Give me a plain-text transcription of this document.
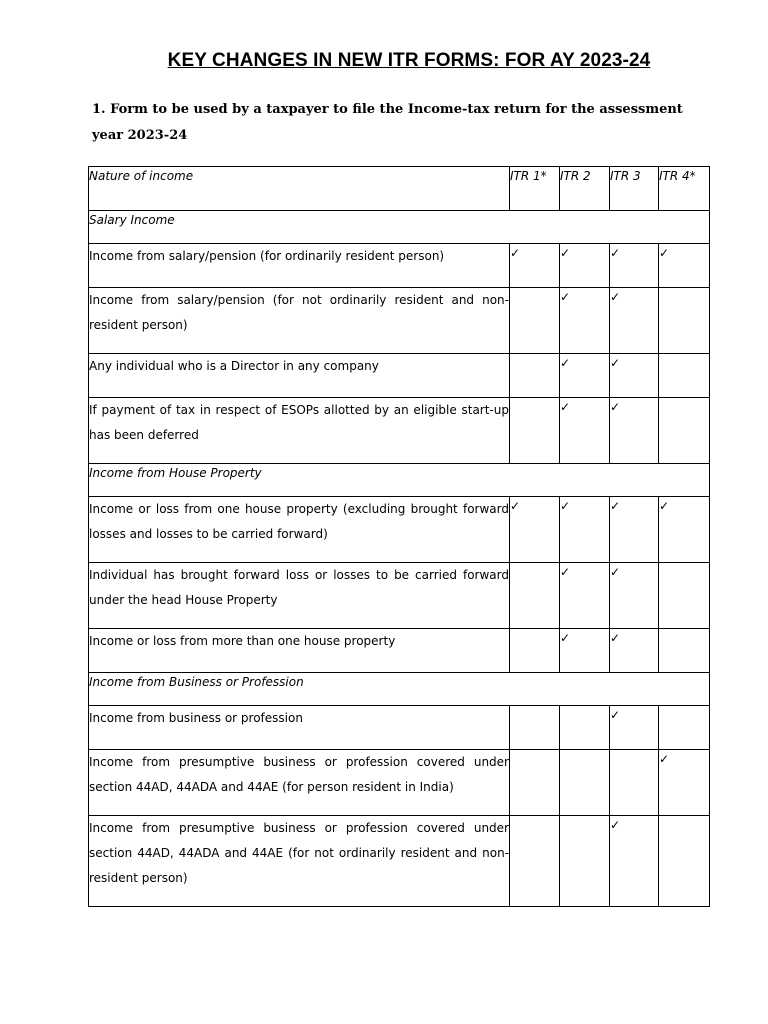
KEY CHANGES IN NEW ITR FORMS: FOR AY 2023-24
1. Form to be used by a taxpayer to file the Income-tax return for the assessment year 2023-24
Nature of income	ITR 1*	ITR 2	ITR 3	ITR 4*
Salary Income				
Income from salary/pension (for ordinarily resident person)	✓	✓	✓	✓
Income from salary/pension (for not ordinarily resident and non-resident person)		✓	✓	
Any individual who is a Director in any company		✓	✓	
If payment of tax in respect of ESOPs allotted by an eligible start-up has been deferred		✓	✓	
Income from House Property				
Income or loss from one house property (excluding brought forward losses and losses to be carried forward)	✓	✓	✓	✓
Individual has brought forward loss or losses to be carried forward under the head House Property		✓	✓	
Income or loss from more than one house property		✓	✓	
Income from Business or Profession				
Income from business or profession			✓	
Income from presumptive business or profession covered under section 44AD, 44ADA and 44AE (for person resident in India)				✓
Income from presumptive business or profession covered under section 44AD, 44ADA and 44AE (for not ordinarily resident and non-resident person)			✓	
